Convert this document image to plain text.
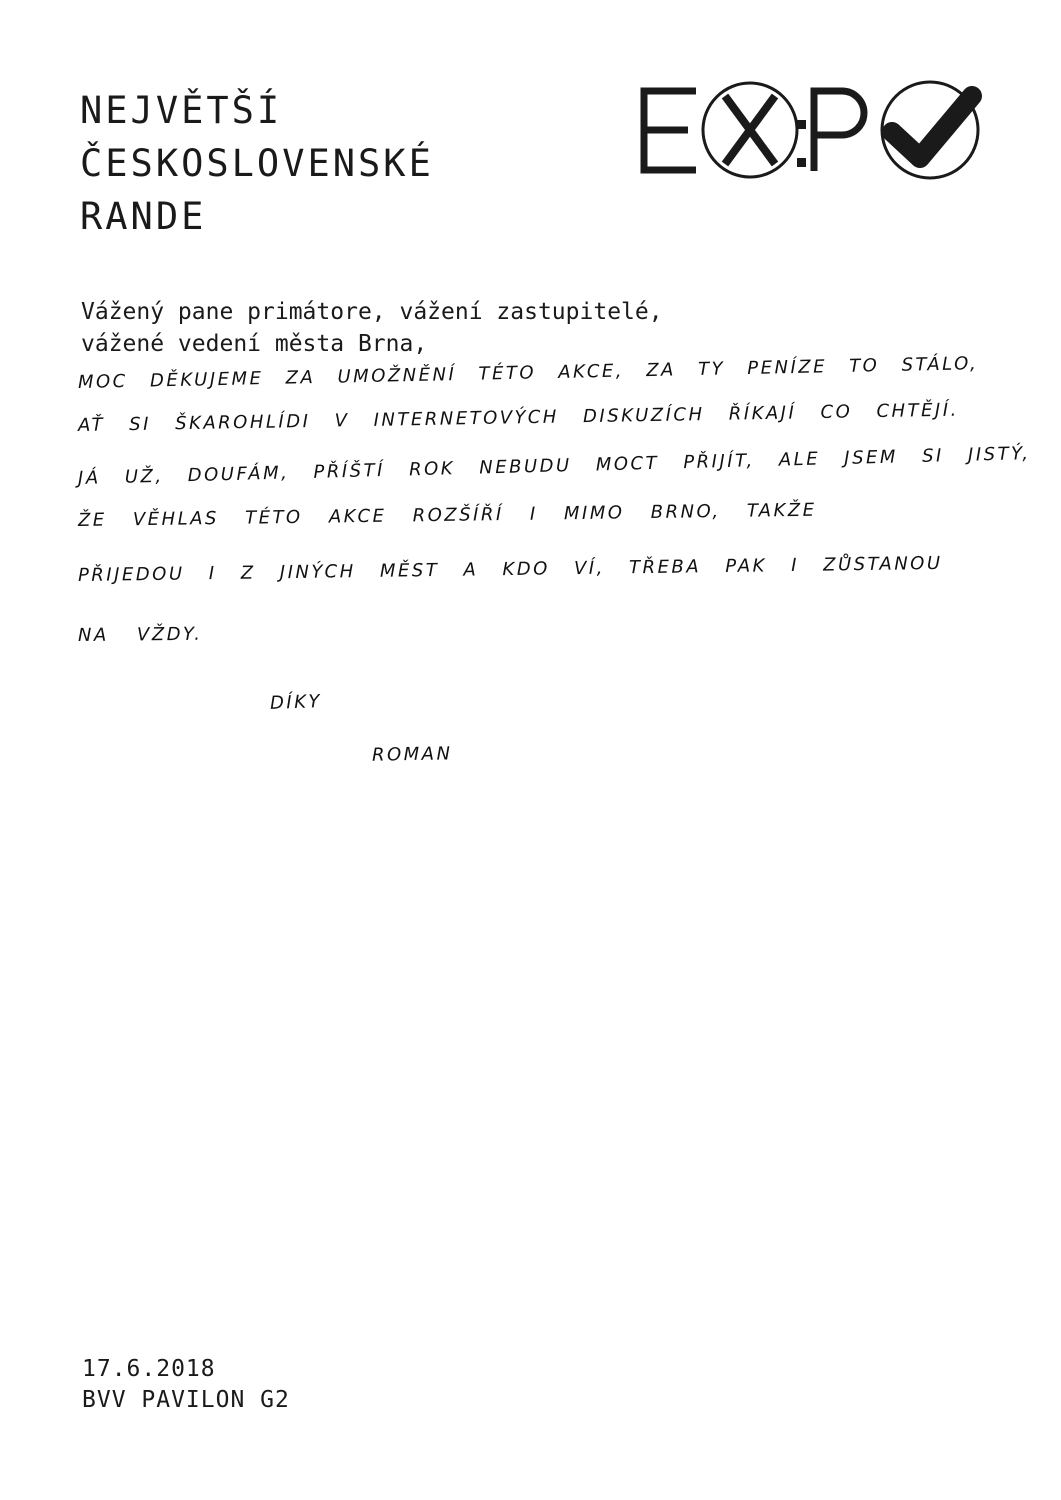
NEJVĚTŠÍ
ČESKOSLOVENSKÉ
RANDE
Vážený pane primátore, vážení zastupitelé,
vážené vedení města Brna,
MOC DĚKUJEME ZA UMOŽNĚNÍ TÉTO AKCE, ZA TY PENÍZE TO STÁLO,
AŤ SI ŠKAROHLÍDI V INTERNETOVÝCH DISKUZÍCH ŘÍKAJÍ CO CHTĚJÍ.
JÁ UŽ, DOUFÁM, PŘÍŠTÍ ROK NEBUDU MOCT PŘIJÍT, ALE JSEM SI JISTÝ,
ŽE VĚHLAS TÉTO AKCE ROZŠÍŘÍ I MIMO BRNO, TAKŽE
PŘIJEDOU I Z JINÝCH MĚST A KDO VÍ, TŘEBA PAK I ZŮSTANOU
NA VŽDY.
DÍKY
ROMAN
17.6.2018
BVV PAVILON G2
